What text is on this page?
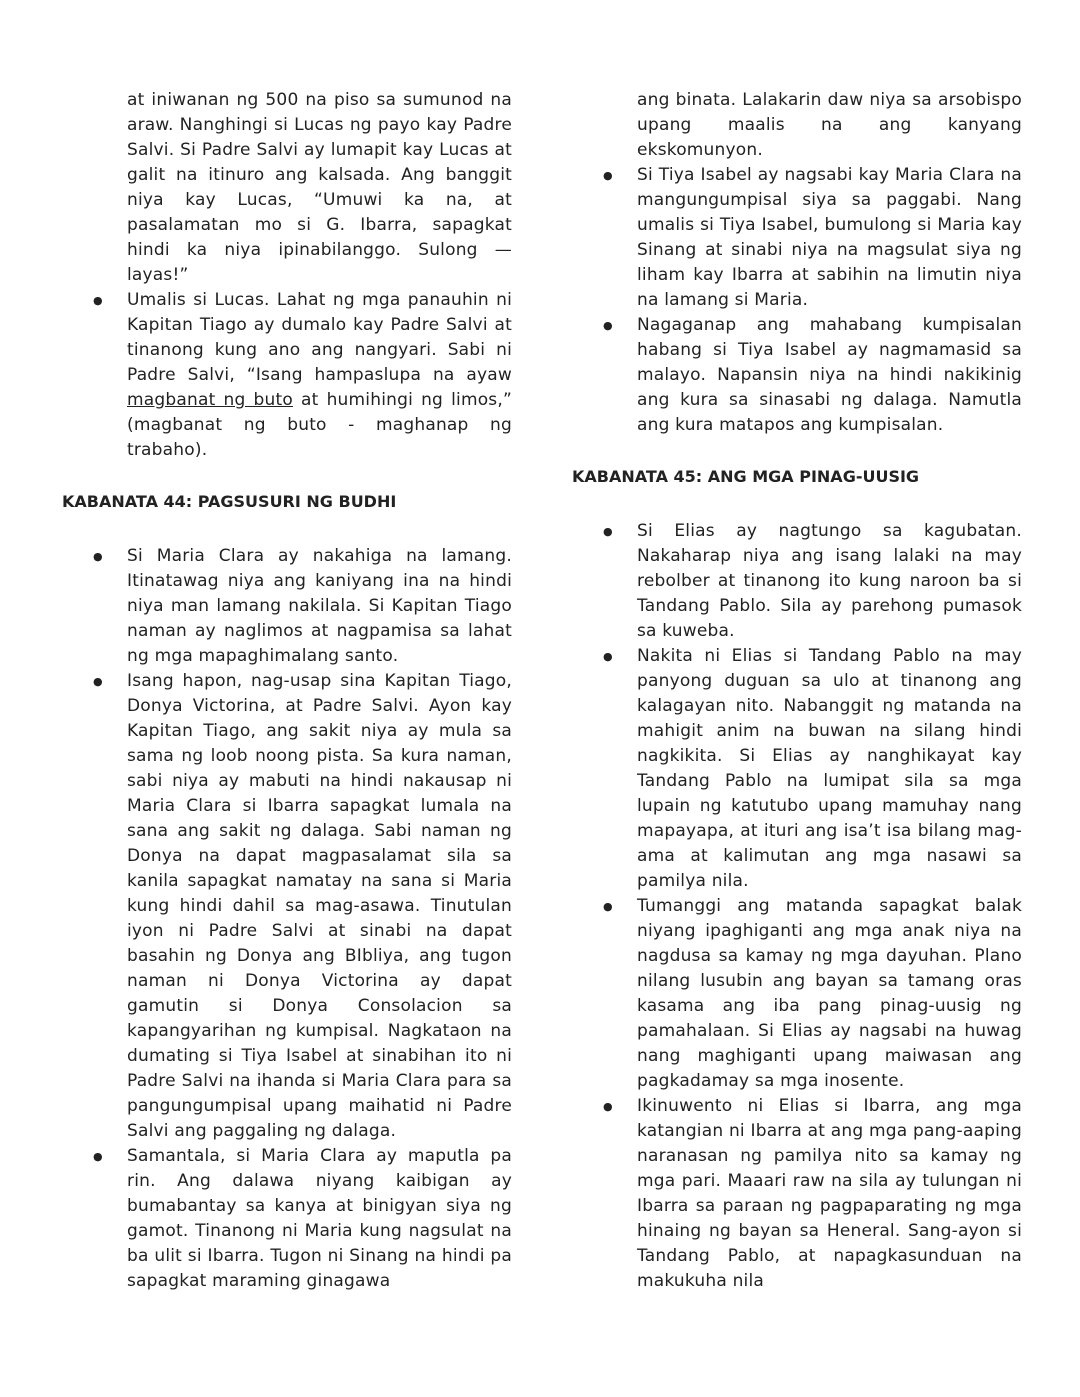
at iniwanan ng 500 na piso sa sumunod na araw. Nanghingi si Lucas ng payo kay Padre Salvi. Si Padre Salvi ay lumapit kay Lucas at galit na itinuro ang kalsada. Ang banggit niya kay Lucas, “Umuwi ka na, at pasalamatan mo si G. Ibarra, sapagkat hindi ka niya ipinabilanggo. Sulong — layas!”
● Umalis si Lucas. Lahat ng mga panauhin ni Kapitan Tiago ay dumalo kay Padre Salvi at tinanong kung ano ang nangyari. Sabi ni Padre Salvi, “Isang hampaslupa na ayaw magbanat ng buto at humihingi ng limos,” (magbanat ng buto - maghanap ng trabaho).
KABANATA 44: PAGSUSURI NG BUDHI
● Si Maria Clara ay nakahiga na lamang. Itinatawag niya ang kaniyang ina na hindi niya man lamang nakilala. Si Kapitan Tiago naman ay naglimos at nagpamisa sa lahat ng mga mapaghimalang santo.
● Isang hapon, nag-usap sina Kapitan Tiago, Donya Victorina, at Padre Salvi. Ayon kay Kapitan Tiago, ang sakit niya ay mula sa sama ng loob noong pista. Sa kura naman, sabi niya ay mabuti na hindi nakausap ni Maria Clara si Ibarra sapagkat lumala na sana ang sakit ng dalaga. Sabi naman ng Donya na dapat magpasalamat sila sa kanila sapagkat namatay na sana si Maria kung hindi dahil sa mag-asawa. Tinutulan iyon ni Padre Salvi at sinabi na dapat basahin ng Donya ang BIbliya, ang tugon naman ni Donya Victorina ay dapat gamutin si Donya Consolacion sa kapangyarihan ng kumpisal. Nagkataon na dumating si Tiya Isabel at sinabihan ito ni Padre Salvi na ihanda si Maria Clara para sa pangungumpisal upang maihatid ni Padre Salvi ang paggaling ng dalaga.
● Samantala, si Maria Clara ay maputla pa rin. Ang dalawa niyang kaibigan ay bumabantay sa kanya at binigyan siya ng gamot. Tinanong ni Maria kung nagsulat na ba ulit si Ibarra. Tugon ni Sinang na hindi pa sapagkat maraming ginagawa
ang binata. Lalakarin daw niya sa arsobispo upang maalis na ang kanyang ekskomunyon.
● Si Tiya Isabel ay nagsabi kay Maria Clara na mangungumpisal siya sa paggabi. Nang umalis si Tiya Isabel, bumulong si Maria kay Sinang at sinabi niya na magsulat siya ng liham kay Ibarra at sabihin na limutin niya na lamang si Maria.
● Nagaganap ang mahabang kumpisalan habang si Tiya Isabel ay nagmamasid sa malayo. Napansin niya na hindi nakikinig ang kura sa sinasabi ng dalaga. Namutla ang kura matapos ang kumpisalan.
KABANATA 45: ANG MGA PINAG-UUSIG
● Si Elias ay nagtungo sa kagubatan. Nakaharap niya ang isang lalaki na may rebolber at tinanong ito kung naroon ba si Tandang Pablo. Sila ay parehong pumasok sa kuweba.
● Nakita ni Elias si Tandang Pablo na may panyong duguan sa ulo at tinanong ang kalagayan nito. Nabanggit ng matanda na mahigit anim na buwan na silang hindi nagkikita. Si Elias ay nanghikayat kay Tandang Pablo na lumipat sila sa mga lupain ng katutubo upang mamuhay nang mapayapa, at ituri ang isa’t isa bilang mag-ama at kalimutan ang mga nasawi sa pamilya nila.
● Tumanggi ang matanda sapagkat balak niyang ipaghiganti ang mga anak niya na nagdusa sa kamay ng mga dayuhan. Plano nilang lusubin ang bayan sa tamang oras kasama ang iba pang pinag-uusig ng pamahalaan. Si Elias ay nagsabi na huwag nang maghiganti upang maiwasan ang pagkadamay sa mga inosente.
● Ikinuwento ni Elias si Ibarra, ang mga katangian ni Ibarra at ang mga pang-aaping naranasan ng pamilya nito sa kamay ng mga pari. Maaari raw na sila ay tulungan ni Ibarra sa paraan ng pagpaparating ng mga hinaing ng bayan sa Heneral. Sang-ayon si Tandang Pablo, at napagkasunduan na makukuha nila
